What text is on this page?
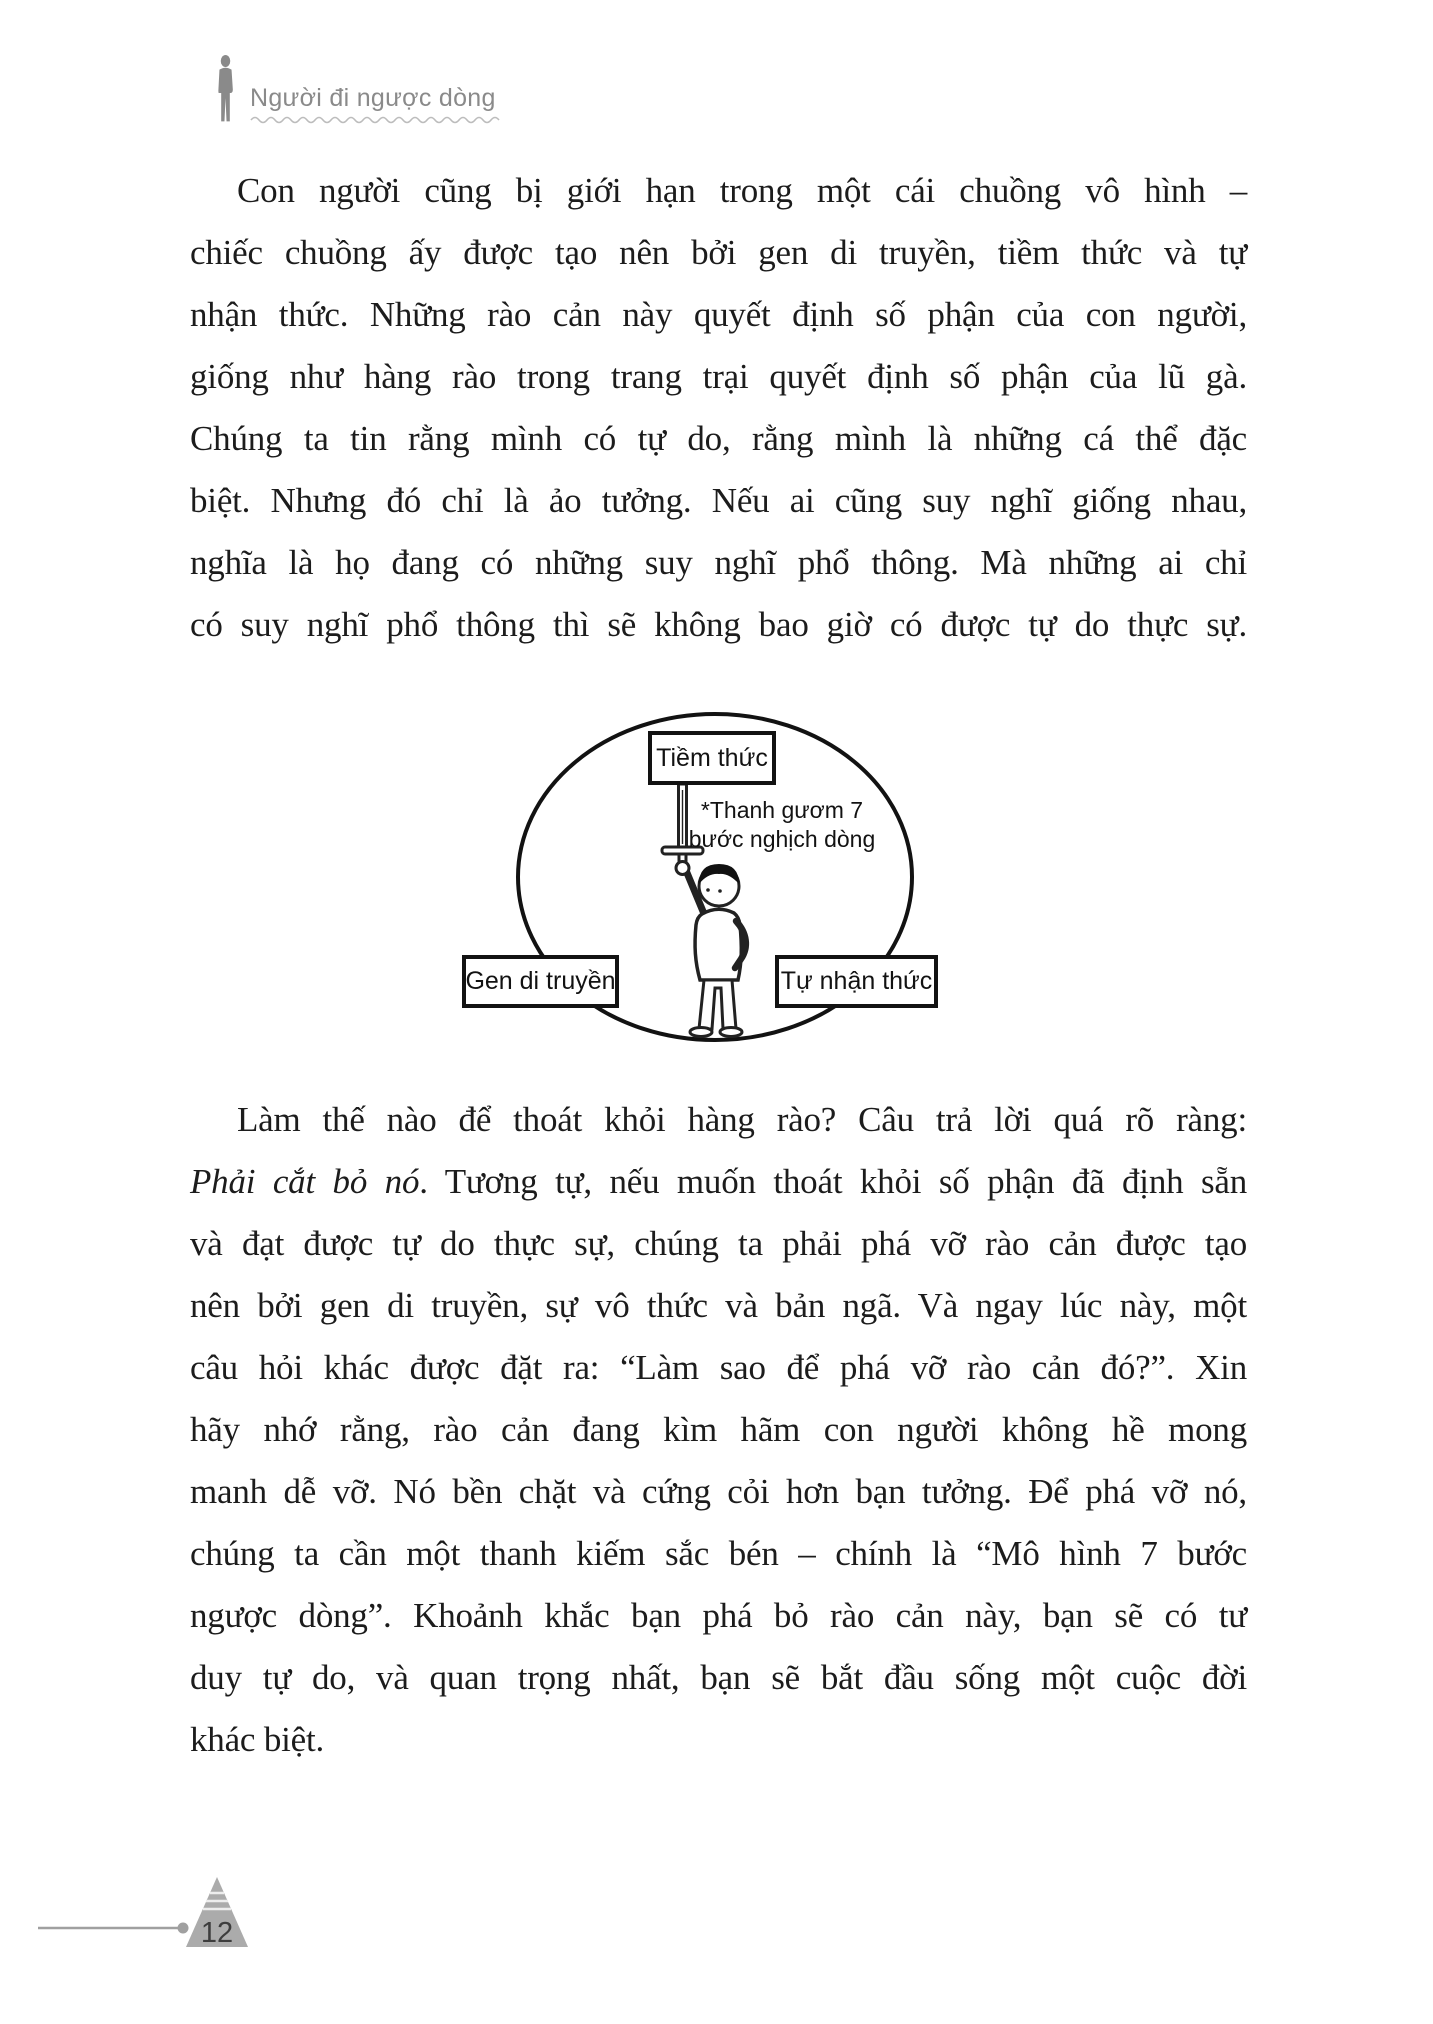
Người đi ngược dòng
Con người cũng bị giới hạn trong một cái chuồng vô hình –
chiếc chuồng ấy được tạo nên bởi gen di truyền, tiềm thức và tự
nhận thức. Những rào cản này quyết định số phận của con người,
giống như hàng rào trong trang trại quyết định số phận của lũ gà.
Chúng ta tin rằng mình có tự do, rằng mình là những cá thể đặc
biệt. Nhưng đó chỉ là ảo tưởng. Nếu ai cũng suy nghĩ giống nhau,
nghĩa là họ đang có những suy nghĩ phổ thông. Mà những ai chỉ
có suy nghĩ phổ thông thì sẽ không bao giờ có được tự do thực sự.
Tiềm thức
Gen di truyền	Tự nhận thức
*Thanh gươm 7
bước nghịch dòng
Làm thế nào để thoát khỏi hàng rào? Câu trả lời quá rõ ràng:
Phải cắt bỏ nó. Tương tự, nếu muốn thoát khỏi số phận đã định sẵn
và đạt được tự do thực sự, chúng ta phải phá vỡ rào cản được tạo
nên bởi gen di truyền, sự vô thức và bản ngã. Và ngay lúc này, một
câu hỏi khác được đặt ra: “Làm sao để phá vỡ rào cản đó?”. Xin
hãy nhớ rằng, rào cản đang kìm hãm con người không hề mong
manh dễ vỡ. Nó bền chặt và cứng cỏi hơn bạn tưởng. Để phá vỡ nó,
chúng ta cần một thanh kiếm sắc bén – chính là “Mô hình 7 bước
ngược dòng”. Khoảnh khắc bạn phá bỏ rào cản này, bạn sẽ có tư
duy tự do, và quan trọng nhất, bạn sẽ bắt đầu sống một cuộc đời
khác biệt.
12
